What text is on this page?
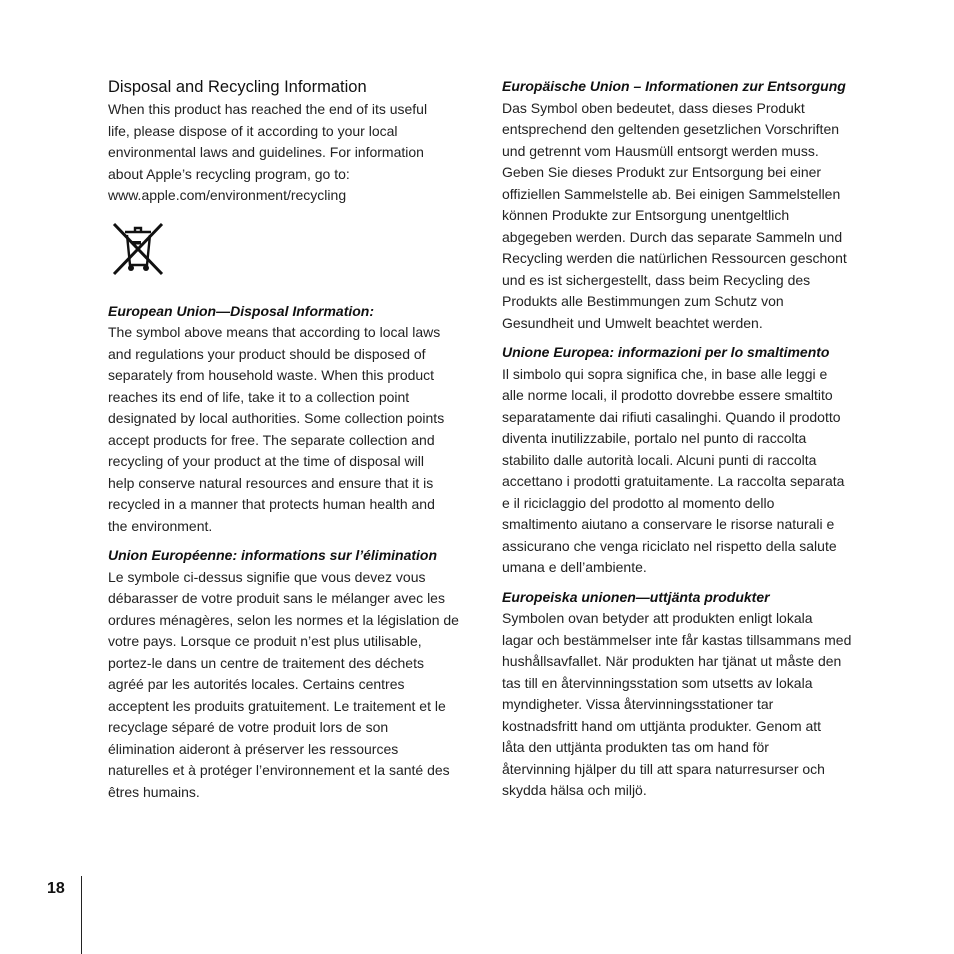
Disposal and Recycling Information

When this product has reached the end of its useful
life, please dispose of it according to your local
environmental laws and guidelines. For information
about Apple’s recycling program, go to:
www.apple.com/environment/recycling

European Union—Disposal Information:

The symbol above means that according to local laws
and regulations your product should be disposed of
separately from household waste. When this product
reaches its end of life, take it to a collection point
designated by local authorities. Some collection points
accept products for free. The separate collection and
recycling of your product at the time of disposal will
help conserve natural resources and ensure that it is
recycled in a manner that protects human health and
the environment.

Union Européenne: informations sur l’élimination

Le symbole ci-dessus signifie que vous devez vous
débarasser de votre produit sans le mélanger avec les
ordures ménagères, selon les normes et la législation de
votre pays. Lorsque ce produit n’est plus utilisable,
portez-le dans un centre de traitement des déchets
agréé par les autorités locales. Certains centres
acceptent les produits gratuitement. Le traitement et le
recyclage séparé de votre produit lors de son
élimination aideront à préserver les ressources
naturelles et à protéger l’environnement et la santé des
êtres humains.

Europäische Union – Informationen zur Entsorgung

Das Symbol oben bedeutet, dass dieses Produkt
entsprechend den geltenden gesetzlichen Vorschriften
und getrennt vom Hausmüll entsorgt werden muss.
Geben Sie dieses Produkt zur Entsorgung bei einer
offiziellen Sammelstelle ab. Bei einigen Sammelstellen
können Produkte zur Entsorgung unentgeltlich
abgegeben werden. Durch das separate Sammeln und
Recycling werden die natürlichen Ressourcen geschont
und es ist sichergestellt, dass beim Recycling des
Produkts alle Bestimmungen zum Schutz von
Gesundheit und Umwelt beachtet werden.

Unione Europea: informazioni per lo smaltimento

Il simbolo qui sopra significa che, in base alle leggi e
alle norme locali, il prodotto dovrebbe essere smaltito
separatamente dai rifiuti casalinghi. Quando il prodotto
diventa inutilizzabile, portalo nel punto di raccolta
stabilito dalle autorità locali. Alcuni punti di raccolta
accettano i prodotti gratuitamente. La raccolta separata
e il riciclaggio del prodotto al momento dello
smaltimento aiutano a conservare le risorse naturali e
assicurano che venga riciclato nel rispetto della salute
umana e dell’ambiente.

Europeiska unionen—uttjänta produkter

Symbolen ovan betyder att produkten enligt lokala
lagar och bestämmelser inte får kastas tillsammans med
hushållsavfallet. När produkten har tjänat ut måste den
tas till en återvinningsstation som utsetts av lokala
myndigheter. Vissa återvinningsstationer tar
kostnadsfritt hand om uttjänta produkter. Genom att
låta den uttjänta produkten tas om hand för
återvinning hjälper du till att spara naturresurser och
skydda hälsa och miljö.

18
